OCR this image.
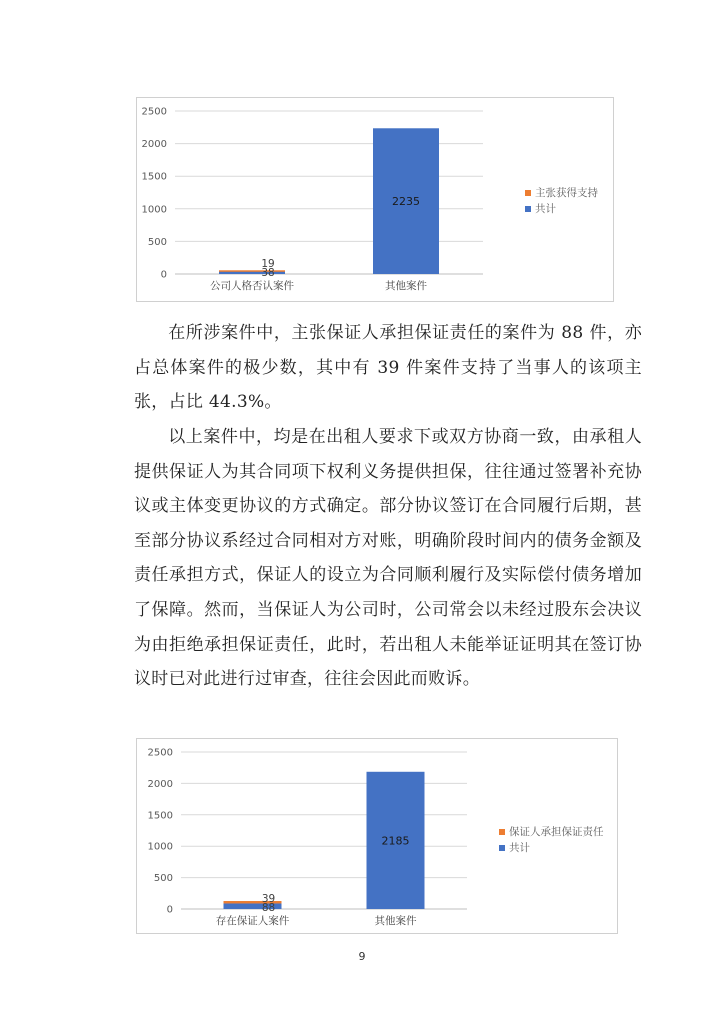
0
500
1000
1500
2000
2500
公司人格否认案件
19
38
其他案件
2235
主张获得支持
共计

在所涉案件中，主张保证人承担保证责任的案件为 88 件，亦占总体案件的极少数，其中有 39 件案件支持了当事人的该项主张，占比 44.3%。

以上案件中，均是在出租人要求下或双方协商一致，由承租人提供保证人为其合同项下权利义务提供担保，往往通过签署补充协议或主体变更协议的方式确定。部分协议签订在合同履行后期，甚至部分协议系经过合同相对方对账，明确阶段时间内的债务金额及责任承担方式，保证人的设立为合同顺利履行及实际偿付债务增加了保障。然而，当保证人为公司时，公司常会以未经过股东会决议为由拒绝承担保证责任，此时，若出租人未能举证证明其在签订协议时已对此进行过审查，往往会因此而败诉。

0
500
1000
1500
2000
2500
存在保证人案件
39
88
其他案件
2185
保证人承担保证责任
共计
9
